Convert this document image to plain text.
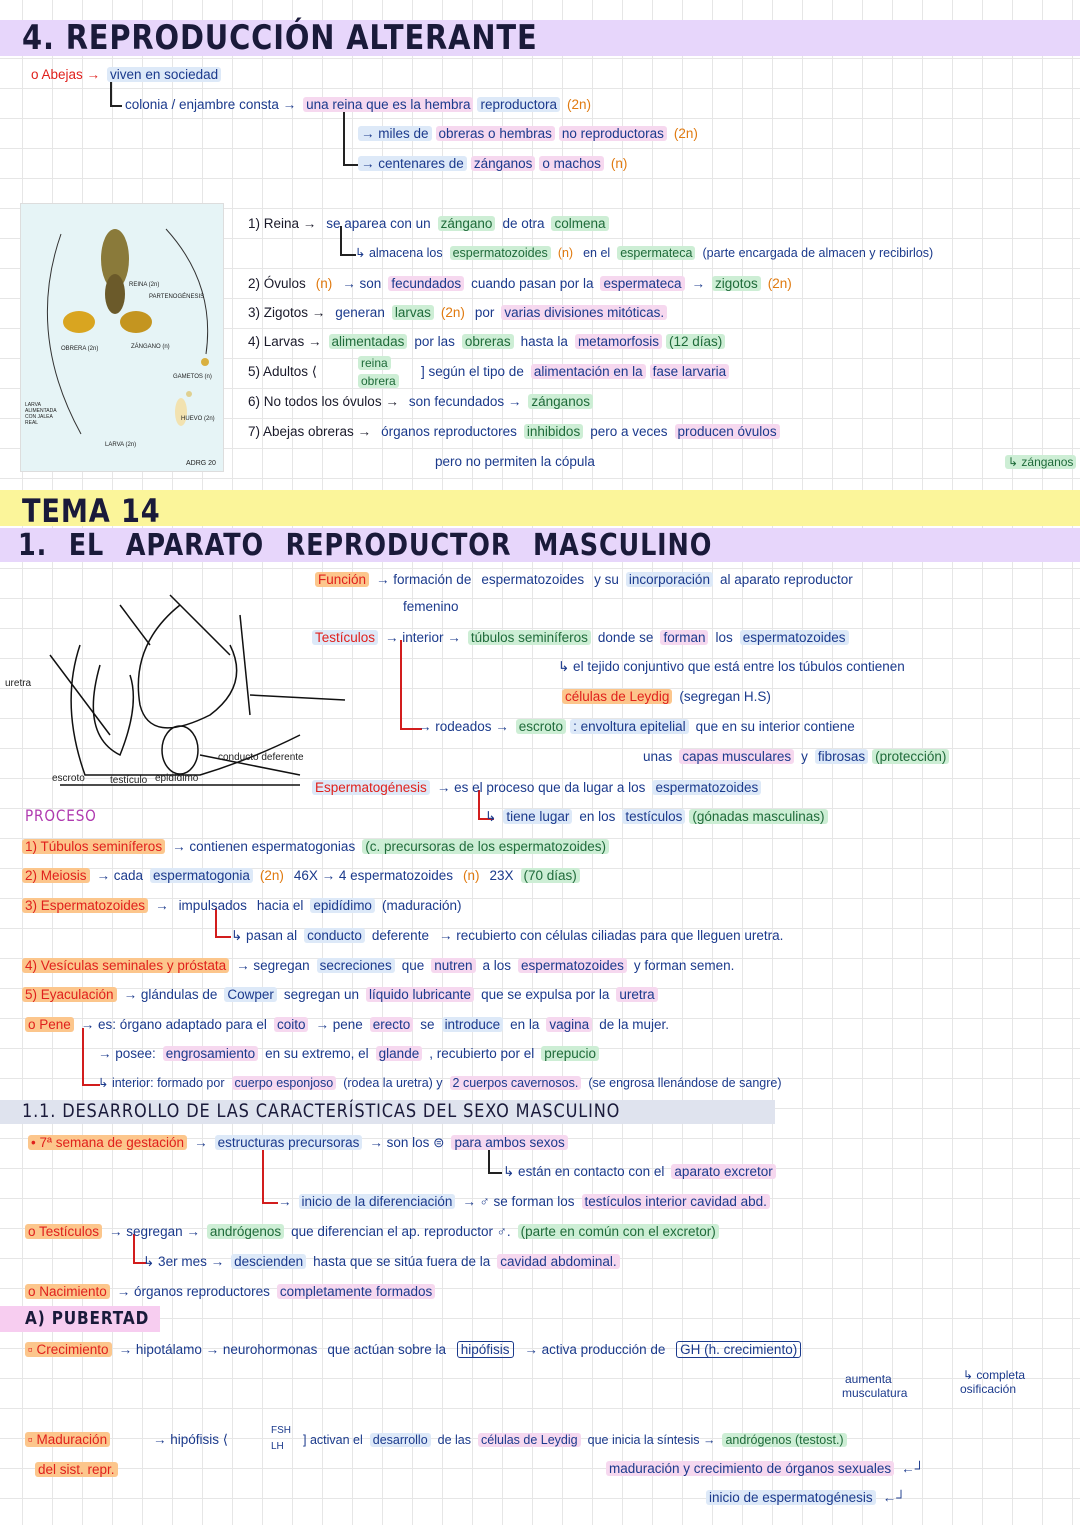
4. REPRODUCCIÓN ALTERANTE
TEMA 14
1. EL APARATO REPRODUCTOR MASCULINO
PROCESO
1.1. DESARROLLO DE LAS CARACTERÍSTICAS DEL SEXO MASCULINO
A) PUBERTAD
REINA (2n)
PARTENOGÉNESIS
OBRERA (2n)	ZÁNGANO (n)
GAMETOS (n)
HUEVO (2n)
LARVA (2n)
LARVA ALIMENTADA CON JALEA REAL
ADRG 20
uretra
conducto deferente
escroto	testículo epidídimo
o Abejas → viven en sociedad
colonia / enjambre consta → una reina que es la hembra reproductora (2n)
→ miles de obreras o hembras no reproductoras (2n)
→ centenares de zánganos o machos (n)
1) Reina → se aparea con un zángano de otra colmena
↳ almacena los espermatozoides (n) en el espermateca (parte encargada de almacen y recibirlos)
2) Óvulos (n) → son fecundados cuando pasan por la espermateca → zigotos (2n)
3) Zigotos → generan larvas (2n) por varias divisiones mitóticas.
4) Larvas → alimentadas por las obreras hasta la metamorfosis (12 días)
5) Adultos ⟨
reina
obrera
] según el tipo de alimentación en la fase larvaria
6) No todos los óvulos → son fecundados → zánganos
7) Abejas obreras → órganos reproductores inhibidos pero a veces producen óvulos
pero no permiten la cópula	↳ zánganos
Función → formación de espermatozoides y su incorporación al aparato reproductor
femenino
Testículos → interior → túbulos seminíferos donde se forman los espermatozoides
↳ el tejido conjuntivo que está entre los túbulos contienen
células de Leydig (segregan H.S)
→ rodeados → escroto : envoltura epitelial que en su interior contiene
unas capas musculares y fibrosas (protección)
Espermatogénesis → es el proceso que da lugar a los espermatozoides
↳ tiene lugar en los testículos (gónadas masculinas)
1) Túbulos seminíferos → contienen espermatogonias (c. precursoras de los espermatozoides)
2) Meiosis → cada espermatogonia (2n) 46X → 4 espermatozoides (n) 23X (70 días)
3) Espermatozoides → impulsados hacia el epidídimo (maduración)
↳ pasan al conducto deferente → recubierto con células ciliadas para que lleguen uretra.
4) Vesículas seminales y próstata → segregan secreciones que nutren a los espermatozoides y forman semen.
5) Eyaculación → glándulas de Cowper segregan un líquido lubricante que se expulsa por la uretra
o Pene → es: órgano adaptado para el coito → pene erecto se introduce en la vagina de la mujer.
→ posee: engrosamiento en su extremo, el glande , recubierto por el prepucio
↳ interior: formado por cuerpo esponjoso (rodea la uretra) y 2 cuerpos cavernosos. (se engrosa llenándose de sangre)
• 7ª semana de gestación → estructuras precursoras → son los ⊜ para ambos sexos
↳ están en contacto con el aparato excretor
→ inicio de la diferenciación → ♂ se forman los testículos interior cavidad abd.
o Testículos → segregan → andrógenos que diferencian el ap. reproductor ♂. (parte en común con el excretor)
↳ 3er mes → descienden hasta que se sitúa fuera de la cavidad abdominal.
o Nacimiento → órganos reproductores completamente formados
▫ Crecimiento → hipotálamo → neurohormonas que actúan sobre la hipófisis → activa producción de GH (h. crecimiento)
aumenta musculatura
↳ completa osificación
▫ Maduración
del sist. repr.
→ hipófisis ⟨
FSH
LH	] activan el desarrollo de las células de Leydig que inicia la síntesis → andrógenos (testost.)
maduración y crecimiento de órganos sexuales ←┘
inicio de espermatogénesis ←┘
